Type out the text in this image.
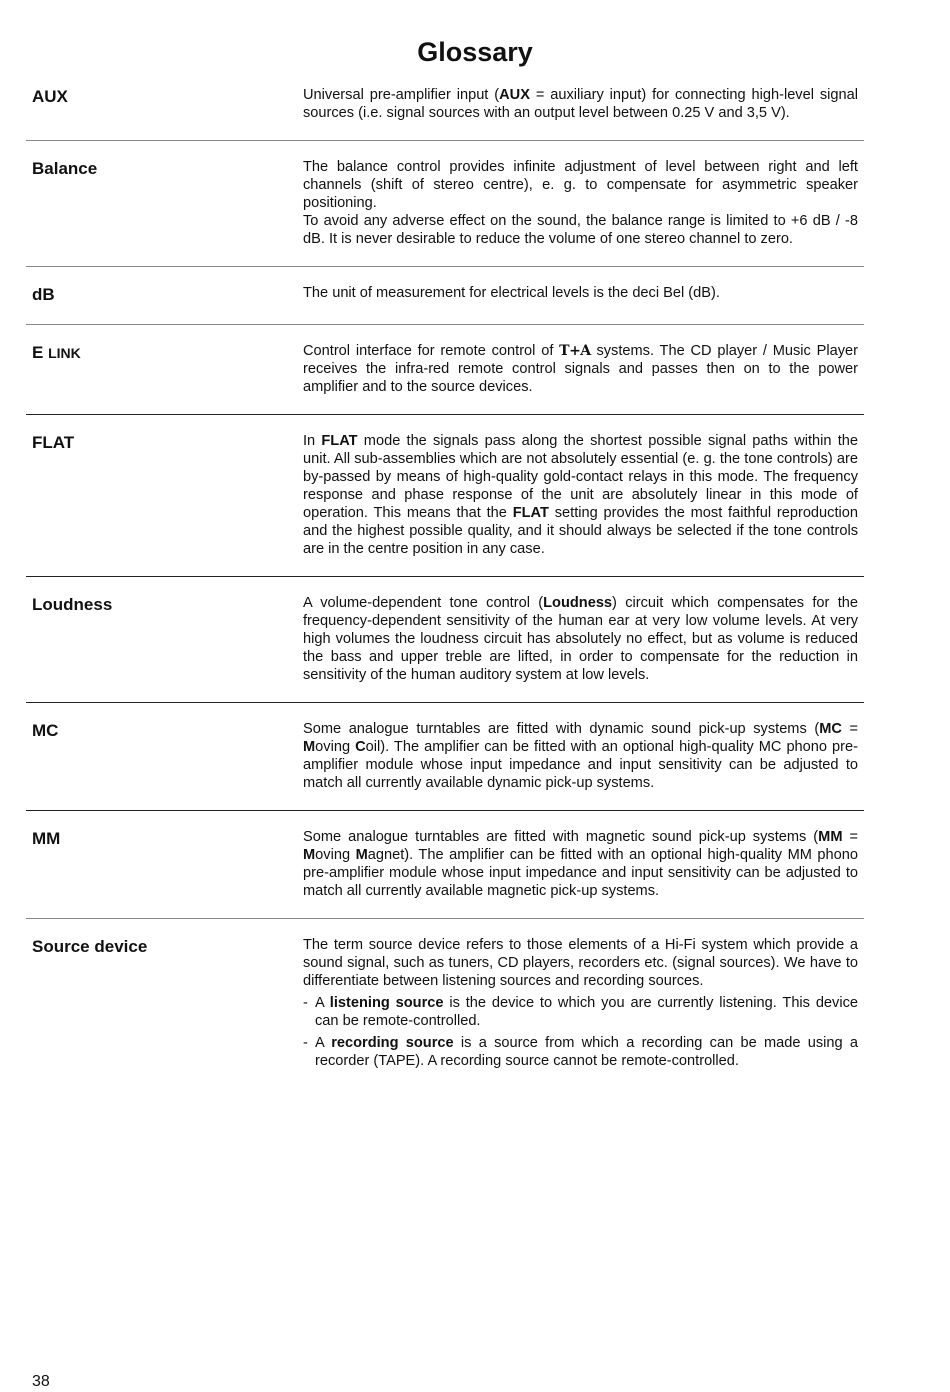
Glossary
AUX	Universal pre-amplifier input (AUX = auxiliary input) for connecting high-level signal sources (i.e. signal sources with an output level between 0.25 V and 3,5 V).

Balance	The balance control provides infinite adjustment of level between right and left channels (shift of stereo centre), e. g. to compensate for asymmetric speaker positioning.

To avoid any adverse effect on the sound, the balance range is limited to +6 dB / -8 dB. It is never desirable to reduce the volume of one stereo channel to zero.

dB	The unit of measurement for electrical levels is the deci Bel (dB).

E LINK	Control interface for remote control of T+A systems. The CD player / Music Player receives the infra-red remote control signals and passes then on to the power amplifier and to the source devices.

FLAT	In FLAT mode the signals pass along the shortest possible signal paths within the unit. All sub-assemblies which are not absolutely essential (e. g. the tone controls) are by-passed by means of high-quality gold-contact relays in this mode. The frequency response and phase response of the unit are absolutely linear in this mode of operation. This means that the FLAT setting provides the most faithful reproduction and the highest possible quality, and it should always be selected if the tone controls are in the centre position in any case.

Loudness	A volume-dependent tone control (Loudness) circuit which compensates for the frequency-dependent sensitivity of the human ear at very low volume levels. At very high volumes the loudness circuit has absolutely no effect, but as volume is reduced the bass and upper treble are lifted, in order to compensate for the reduction in sensitivity of the human auditory system at low levels.

MC	Some analogue turntables are fitted with dynamic sound pick-up systems (MC = Moving Coil). The amplifier can be fitted with an optional high-quality MC phono pre-amplifier module whose input impedance and input sensitivity can be adjusted to match all currently available dynamic pick-up systems.

MM	Some analogue turntables are fitted with magnetic sound pick-up systems (MM = Moving Magnet). The amplifier can be fitted with an optional high-quality MM phono pre-amplifier module whose input impedance and input sensitivity can be adjusted to match all currently available magnetic pick-up systems.

Source device	The term source device refers to those elements of a Hi-Fi system which provide a sound signal, such as tuners, CD players, recorders etc. (signal sources). We have to differentiate between listening sources and recording sources.

- A listening source is the device to which you are currently listening. This device can be remote-controlled.
- A recording source is a source from which a recording can be made using a recorder (TAPE). A recording source cannot be remote-controlled.
38
